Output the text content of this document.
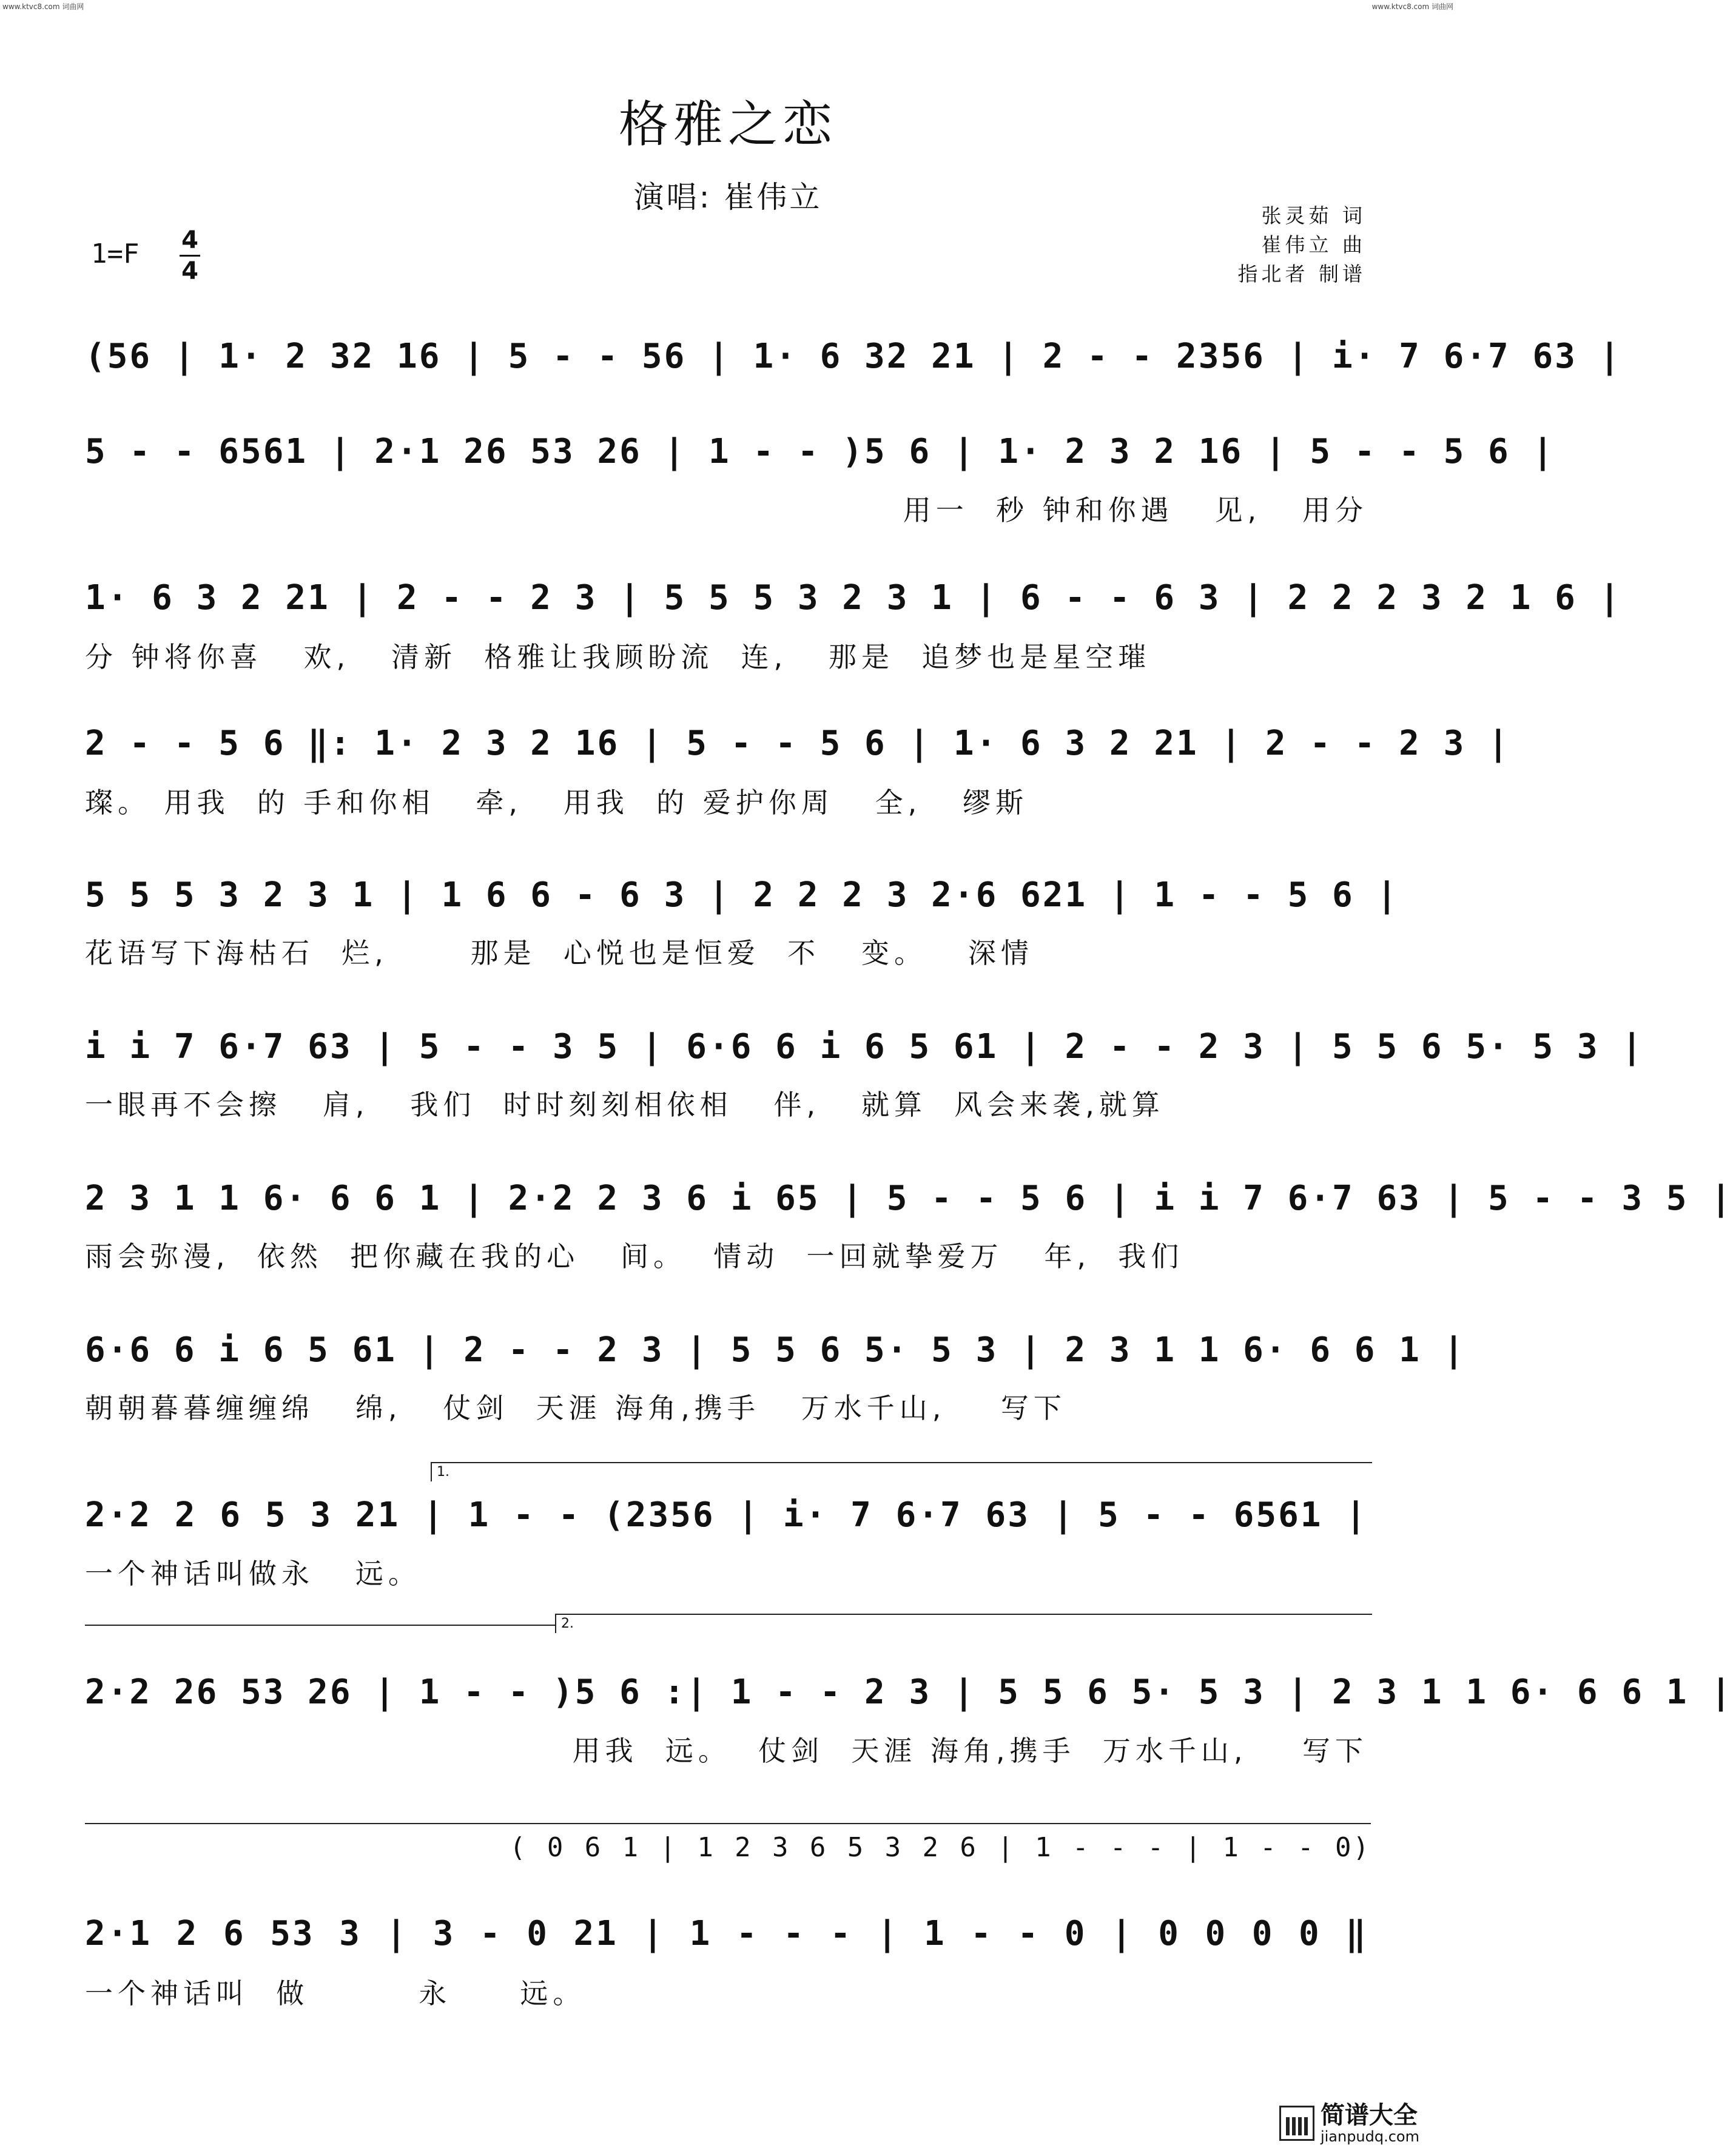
www.ktvc8.com 词曲网	www.ktvc8.com 词曲网
格雅之恋
演唱: 崔伟立
张灵茹 词
崔伟立 曲
指北者 制谱
1=F 4
4
(56 | 1· 2 32 16 | 5 - - 56 | 1· 6 32 21 | 2 - - 2356 | i· 7 6·7 63 |
5 - - 6561 | 2·1 26 53 26 | 1 - - )5 6 | 1· 2 3 2 16 | 5 - - 5 6 |
用一  秒 钟和你遇   见,   用分
1· 6 3 2 21 | 2 - - 2 3 | 5 5 5 3 2 3 1 | 6 - - 6 3 | 2 2 2 3 2 1 6 |
分 钟将你喜   欢,   清新  格雅让我顾盼流  连,   那是  追梦也是星空璀
2 - - 5 6 ‖: 1· 2 3 2 16 | 5 - - 5 6 | 1· 6 3 2 21 | 2 - - 2 3 |
璨。 用我  的 手和你相   牵,   用我  的 爱护你周   全,   缪斯
5 5 5 3 2 3 1 | 1 6 6 - 6 3 | 2 2 2 3 2·6 621 | 1 - - 5 6 |
花语写下海枯石  烂,      那是  心悦也是恒爱  不   变。   深情
i i 7 6·7 63 | 5 - - 3 5 | 6·6 6 i 6 5 61 | 2 - - 2 3 | 5 5 6 5· 5 3 |
一眼再不会擦   肩,   我们  时时刻刻相依相   伴,   就算  风会来袭,就算
2 3 1 1 6· 6 6 1 | 2·2 2 3 6 i 65 | 5 - - 5 6 | i i 7 6·7 63 | 5 - - 3 5 |
雨会弥漫,  依然  把你藏在我的心   间。  情动  一回就挚爱万   年,  我们
6·6 6 i 6 5 61 | 2 - - 2 3 | 5 5 6 5· 5 3 | 2 3 1 1 6· 6 6 1 |
朝朝暮暮缠缠绵   绵,   仗剑  天涯 海角,携手   万水千山,    写下
1.
2·2 2 6 5 3 21 | 1 - - (2356 | i· 7 6·7 63 | 5 - - 6561 |
一个神话叫做永   远。
2.
2·2 26 53 26 | 1 - - )5 6 :| 1 - - 2 3 | 5 5 6 5· 5 3 | 2 3 1 1 6· 6 6 1 |
用我  远。  仗剑  天涯 海角,携手  万水千山,    写下
( 0 6 1 | 1 2 3 6 5 3 2 6 | 1 - - - | 1 - - 0)
2·1 2 6 53 3 | 3 - 0 21 | 1 - - - | 1 - - 0 | 0 0 0 0 ‖
一个神话叫  做        永     远。
简谱大全
jianpudq.com
